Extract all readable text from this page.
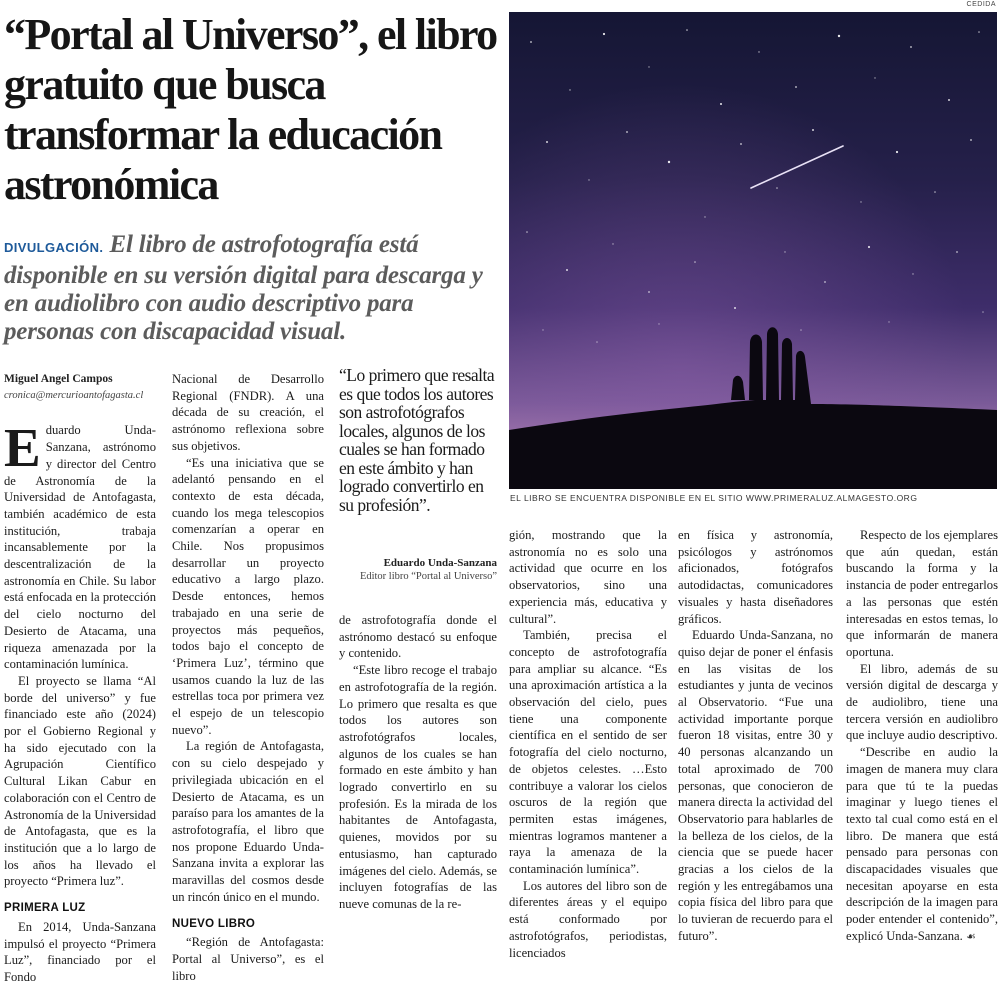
“Portal al Universo”, el libro gratuito que busca transformar la educación astronómica

DIVULGACIÓN. El libro de astrofotografía está disponible en su versión digital para descarga y en audiolibro con audio descriptivo para personas con discapacidad visual.

CEDIDA
EL LIBRO SE ENCUENTRA DISPONIBLE EN EL SITIO WWW.PRIMERALUZ.ALMAGESTO.ORG
Miguel Angel Campos
cronica@mercurioantofagasta.cl

Eduardo Unda-Sanzana, astrónomo y director del Centro de Astronomía de la Universidad de Antofagasta, también académico de esta institución, trabaja incansablemente por la descentralización de la astronomía en Chile. Su labor está enfocada en la protección del cielo nocturno del Desierto de Atacama, una riqueza amenazada por la contaminación lumínica.

El proyecto se llama “Al borde del universo” y fue financiado este año (2024) por el Gobierno Regional y ha sido ejecutado con la Agrupación Científico Cultural Likan Cabur en colaboración con el Centro de Astronomía de la Universidad de Antofagasta, que es la institución que a lo largo de los años ha llevado el proyecto “Primera luz”.

PRIMERA LUZ

En 2014, Unda-Sanzana impulsó el proyecto “Primera Luz”, financiado por el Fondo

Nacional de Desarrollo Regional (FNDR). A una década de su creación, el astrónomo reflexiona sobre sus objetivos.

“Es una iniciativa que se adelantó pensando en el contexto de esta década, cuando los mega telescopios comenzarían a operar en Chile. Nos propusimos desarrollar un proyecto educativo a largo plazo. Desde entonces, hemos trabajado en una serie de proyectos más pequeños, todos bajo el concepto de ‘Primera Luz’, término que usamos cuando la luz de las estrellas toca por primera vez el espejo de un telescopio nuevo”.

La región de Antofagasta, con su cielo despejado y privilegiada ubicación en el Desierto de Atacama, es un paraíso para los amantes de la astrofotografía, el libro que nos propone Eduardo Unda-Sanzana invita a explorar las maravillas del cosmos desde un rincón único en el mundo.

NUEVO LIBRO

“Región de Antofagasta: Portal al Universo”, es el libro

“Lo primero que resalta es que todos los autores son astrofotógrafos locales, algunos de los cuales se han formado en este ámbito y han logrado convertirlo en su profesión”.

Eduardo Unda-Sanzana
Editor libro “Portal al Universo”

de astrofotografía donde el astrónomo destacó su enfoque y contenido.

“Este libro recoge el trabajo en astrofotografía de la región. Lo primero que resalta es que todos los autores son astrofotógrafos locales, algunos de los cuales se han formado en este ámbito y han logrado convertirlo en su profesión. Es la mirada de los habitantes de Antofagasta, quienes, movidos por su entusiasmo, han capturado imágenes del cielo. Además, se incluyen fotografías de las nueve comunas de la re-

gión, mostrando que la astronomía no es solo una actividad que ocurre en los observatorios, sino una experiencia más, educativa y cultural”.

También, precisa el concepto de astrofotografía para ampliar su alcance. “Es una aproximación artística a la observación del cielo, pues tiene una componente científica en el sentido de ser fotografía del cielo nocturno, de objetos celestes. …Esto contribuye a valorar los cielos oscuros de la región que permiten estas imágenes, mientras logramos mantener a raya la amenaza de la contaminación lumínica”.

Los autores del libro son de diferentes áreas y el equipo está conformado por astrofotógrafos, periodistas, licenciados

en física y astronomía, psicólogos y astrónomos aficionados, fotógrafos autodidactas, comunicadores visuales y hasta diseñadores gráficos.

Eduardo Unda-Sanzana, no quiso dejar de poner el énfasis en las visitas de los estudiantes y junta de vecinos al Observatorio. “Fue una actividad importante porque fueron 18 visitas, entre 30 y 40 personas alcanzando un total aproximado de 700 personas, que conocieron de manera directa la actividad del Observatorio para hablarles de la belleza de los cielos, de la ciencia que se puede hacer gracias a los cielos de la región y les entregábamos una copia física del libro para que lo tuvieran de recuerdo para el futuro”.

Respecto de los ejemplares que aún quedan, están buscando la forma y la instancia de poder entregarlos a las personas que estén interesadas en estos temas, lo que informarán de manera oportuna.

El libro, además de su versión digital de descarga y de audiolibro, tiene una tercera versión en audiolibro que incluye audio descriptivo.

“Describe en audio la imagen de manera muy clara para que tú te la puedas imaginar y luego tienes el texto tal cual como está en el libro. De manera que está pensado para personas con discapacidades visuales que necesitan apoyarse en esta descripción de la imagen para poder entender el contenido”, explicó Unda-Sanzana. ☙
